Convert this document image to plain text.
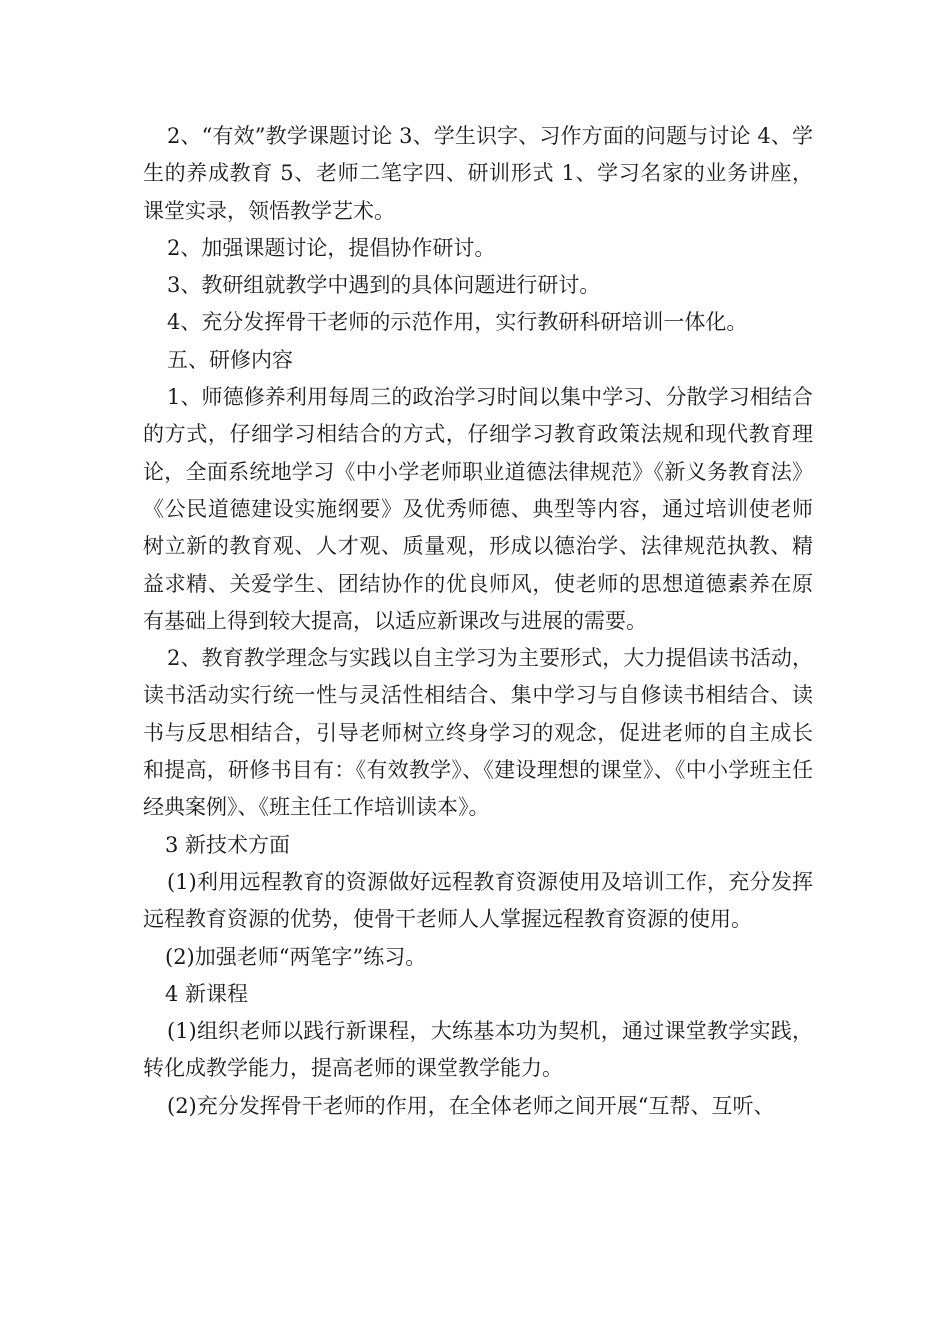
2、“有效”教学课题讨论 3、学生识字、习作方面的问题与讨论 4、学生的养成教育 5、老师二笔字四、研训形式 1、学习名家的业务讲座，课堂实录，领悟教学艺术。

2、加强课题讨论，提倡协作研讨。

3、教研组就教学中遇到的具体问题进行研讨。

4、充分发挥骨干老师的示范作用，实行教研科研培训一体化。

五、研修内容

1、师德修养利用每周三的政治学习时间以集中学习、分散学习相结合的方式，仔细学习相结合的方式，仔细学习教育政策法规和现代教育理论，全面系统地学习《中小学老师职业道德法律规范》《新义务教育法》《公民道德建设实施纲要》及优秀师德、典型等内容，通过培训使老师树立新的教育观、人才观、质量观，形成以德治学、法律规范执教、精益求精、关爱学生、团结协作的优良师风，使老师的思想道德素养在原有基础上得到较大提高，以适应新课改与进展的需要。

2、教育教学理念与实践以自主学习为主要形式，大力提倡读书活动，读书活动实行统一性与灵活性相结合、集中学习与自修读书相结合、读书与反思相结合，引导老师树立终身学习的观念，促进老师的自主成长和提高，研修书目有：《有效教学》、《建设理想的课堂》、《中小学班主任经典案例》、《班主任工作培训读本》。

3 新技术方面

(1)利用远程教育的资源做好远程教育资源使用及培训工作，充分发挥远程教育资源的优势，使骨干老师人人掌握远程教育资源的使用。

(2)加强老师“两笔字”练习。

4 新课程

(1)组织老师以践行新课程，大练基本功为契机，通过课堂教学实践，转化成教学能力，提高老师的课堂教学能力。

(2)充分发挥骨干老师的作用，在全体老师之间开展“互帮、互听、
